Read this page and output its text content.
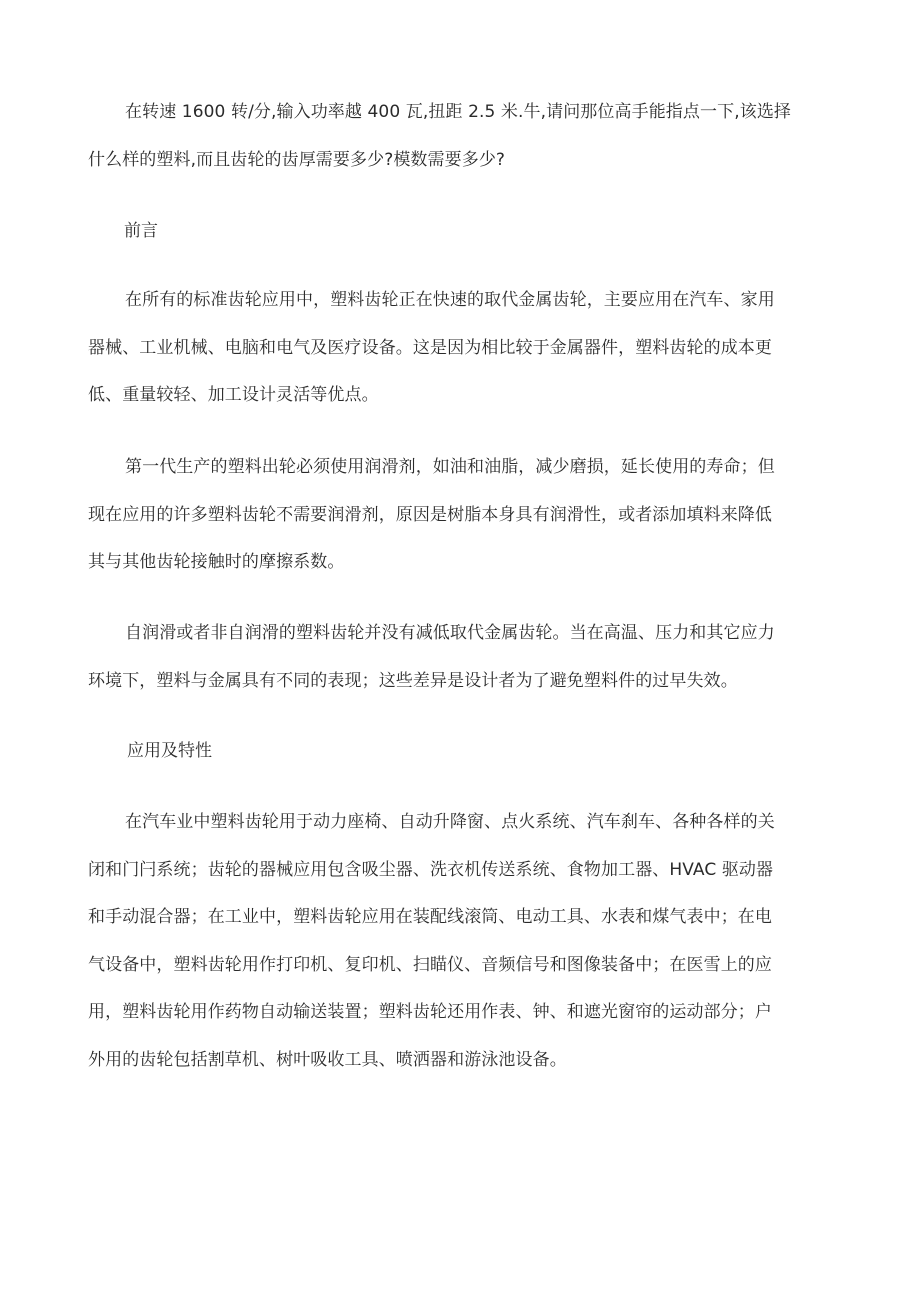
在转速 1600 转/分,输入功率越 400 瓦,扭距 2.5 米.牛,请问那位高手能指点一下,该选择
什么样的塑料,而且齿轮的齿厚需要多少?模数需要多少?

前言

在所有的标准齿轮应用中，塑料齿轮正在快速的取代金属齿轮，主要应用在汽车、家用
器械、工业机械、电脑和电气及医疗设备。这是因为相比较于金属器件，塑料齿轮的成本更
低、重量较轻、加工设计灵活等优点。

第一代生产的塑料出轮必须使用润滑剂，如油和油脂，减少磨损，延长使用的寿命；但
现在应用的许多塑料齿轮不需要润滑剂，原因是树脂本身具有润滑性，或者添加填料来降低
其与其他齿轮接触时的摩擦系数。

自润滑或者非自润滑的塑料齿轮并没有减低取代金属齿轮。当在高温、压力和其它应力
环境下，塑料与金属具有不同的表现；这些差异是设计者为了避免塑料件的过早失效。

应用及特性

在汽车业中塑料齿轮用于动力座椅、自动升降窗、点火系统、汽车刹车、各种各样的关
闭和门闩系统；齿轮的器械应用包含吸尘器、洗衣机传送系统、食物加工器、HVAC 驱动器
和手动混合器；在工业中，塑料齿轮应用在装配线滚筒、电动工具、水表和煤气表中；在电
气设备中，塑料齿轮用作打印机、复印机、扫瞄仪、音频信号和图像装备中；在医雪上的应
用，塑料齿轮用作药物自动输送装置；塑料齿轮还用作表、钟、和遮光窗帘的运动部分；户
外用的齿轮包括割草机、树叶吸收工具、喷洒器和游泳池设备。
